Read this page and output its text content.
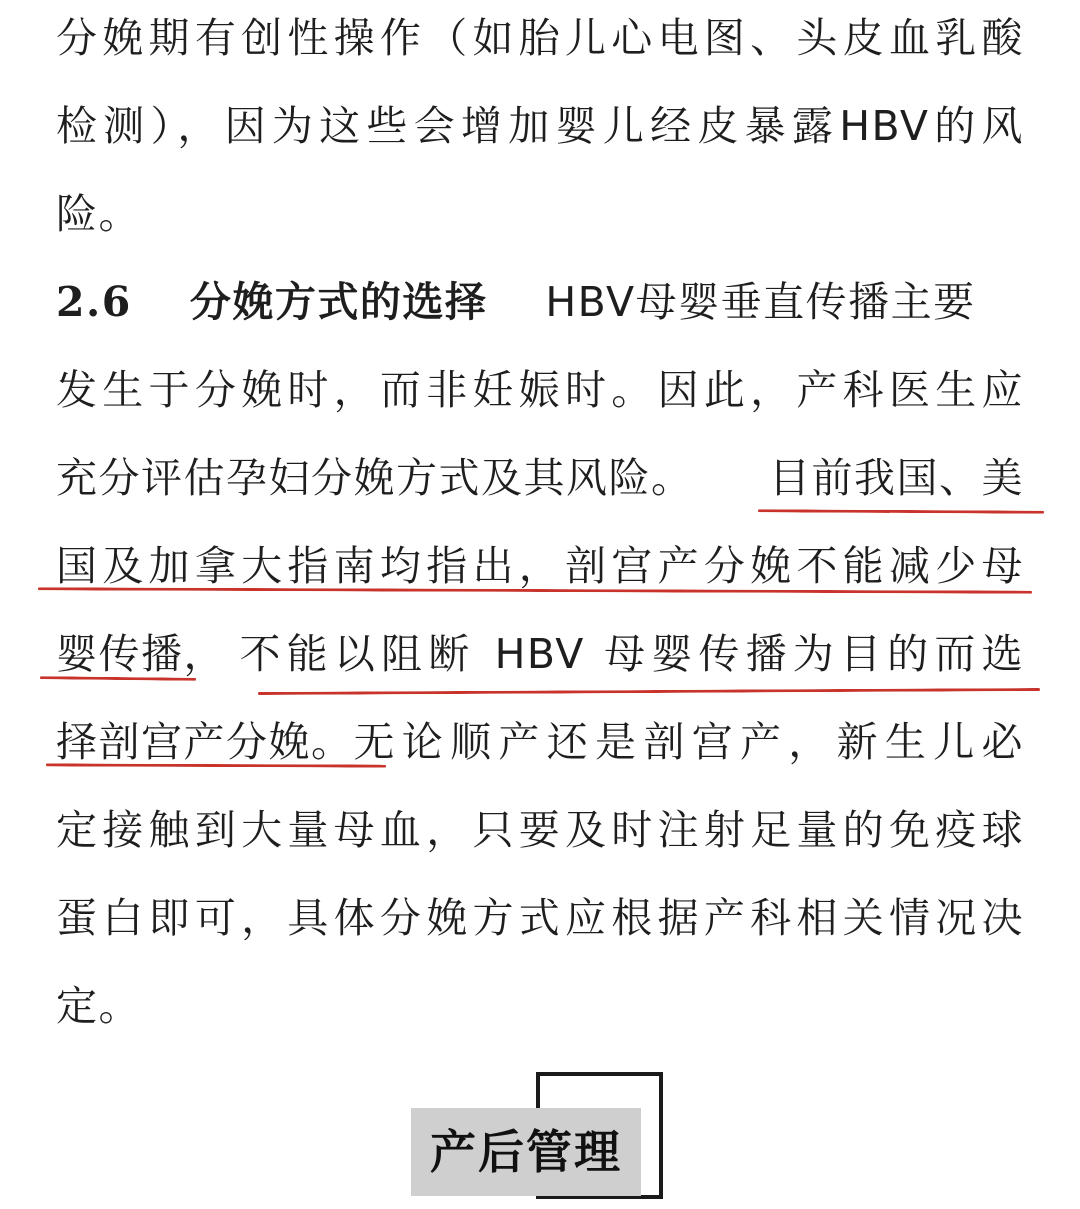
分娩期有创性操作（如胎儿心电图、头皮血乳酸
检测），因为这些会增加婴儿经皮暴露HBV的风
险。
2.6 分娩方式的选择 HBV母婴垂直传播主要
发生于分娩时，而非妊娠时。因此，产科医生应
充分评估孕妇分娩方式及其风险。 目前我国、美
国及加拿大指南均指出，剖宫产分娩不能减少母
婴传播 ， 不能以阻断 HBV 母婴传播为目的而选
择剖宫产分娩。 无论顺产还是剖宫产，新生儿必
定接触到大量母血，只要及时注射足量的免疫球
蛋白即可，具体分娩方式应根据产科相关情况决
定。
产后管理
